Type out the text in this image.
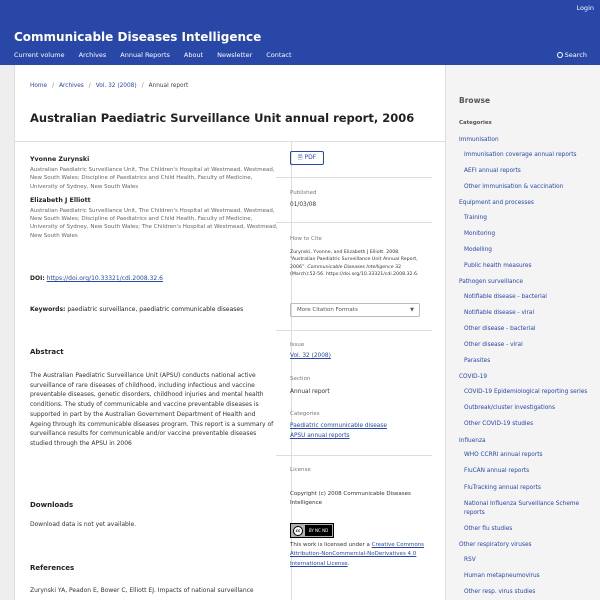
Login
Communicable Diseases Intelligence
Current volume Archives Annual Reports About Newsletter Contact	Search
Home / Archives / Vol. 32 (2008) / Annual report
Australian Paediatric Surveillance Unit annual report, 2006
Yvonne Zurynski
Australian Paediatric Surveillance Unit, The Children's Hospital at Westmead, Westmead, New South Wales; Discipline of Paediatrics and Child Health, Faculty of Medicine, University of Sydney, New South Wales
Elizabeth J Elliott
Australian Paediatric Surveillance Unit, The Children's Hospital at Westmead, Westmead, New South Wales; Discipline of Paediatrics and Child Health, Faculty of Medicine, University of Sydney, New South Wales; The Children's Hospital at Westmead, Westmead, New South Wales
DOI: https://doi.org/10.33321/cdi.2008.32.6
Keywords: paediatric surveillance, paediatric communicable diseases
Abstract
The Australian Paediatric Surveillance Unit (APSU) conducts national active surveillance of rare diseases of childhood, including infectious and vaccine preventable diseases, genetic disorders, childhood injuries and mental health conditions. The study of communicable and vaccine preventable diseases is supported in part by the Australian Government Department of Health and Ageing through its communicable diseases program. This report is a summary of surveillance results for communicable and/or vaccine preventable diseases studied through the APSU in 2006
Downloads
Download data is not yet available.
References
Zurynski YA, Peadon E, Bower C, Elliott EJ. Impacts of national surveillance
🗎 PDF
Published
01/03/08
How to Cite
Zurynski, Yvonne, and Elizabeth J Elliott. 2008. “Australian Paediatric Surveillance Unit Annual Report, 2006”. Communicable Diseases Intelligence 32 (March):52-56. https://doi.org/10.33321/cdi.2008.32.6.
More Citation Formats	▼
Issue
Vol. 32 (2008)
Section
Annual report
Categories
Paediatric communicable disease
APSU annual reports
License
Copyright (c) 2008 Communicable Diseases Intelligence
cc	BY NC ND
This work is licensed under a Creative Commons Attribution-NonCommercial-NoDerivatives 4.0 International License.
Browse
Categories
Immunisation
Immunisation coverage annual reports
AEFI annual reports
Other immunisation & vaccination
Equipment and processes
Training
Monitoring
Modelling
Public health measures
Pathogen surveillance
Notifiable disease - bacterial
Notifiable disease - viral
Other disease - bacterial
Other disease - viral
Parasites
COVID-19
COVID-19 Epidemiological reporting series
Outbreak/cluster investigations
Other COVID-19 studies
Influenza
WHO CCRRI annual reports
FluCAN annual reports
FluTracking annual reports
National Influenza Surveillance Scheme reports
Other flu studies
Other respiratory viruses
RSV
Human metapneumovirus
Other resp. virus studies
